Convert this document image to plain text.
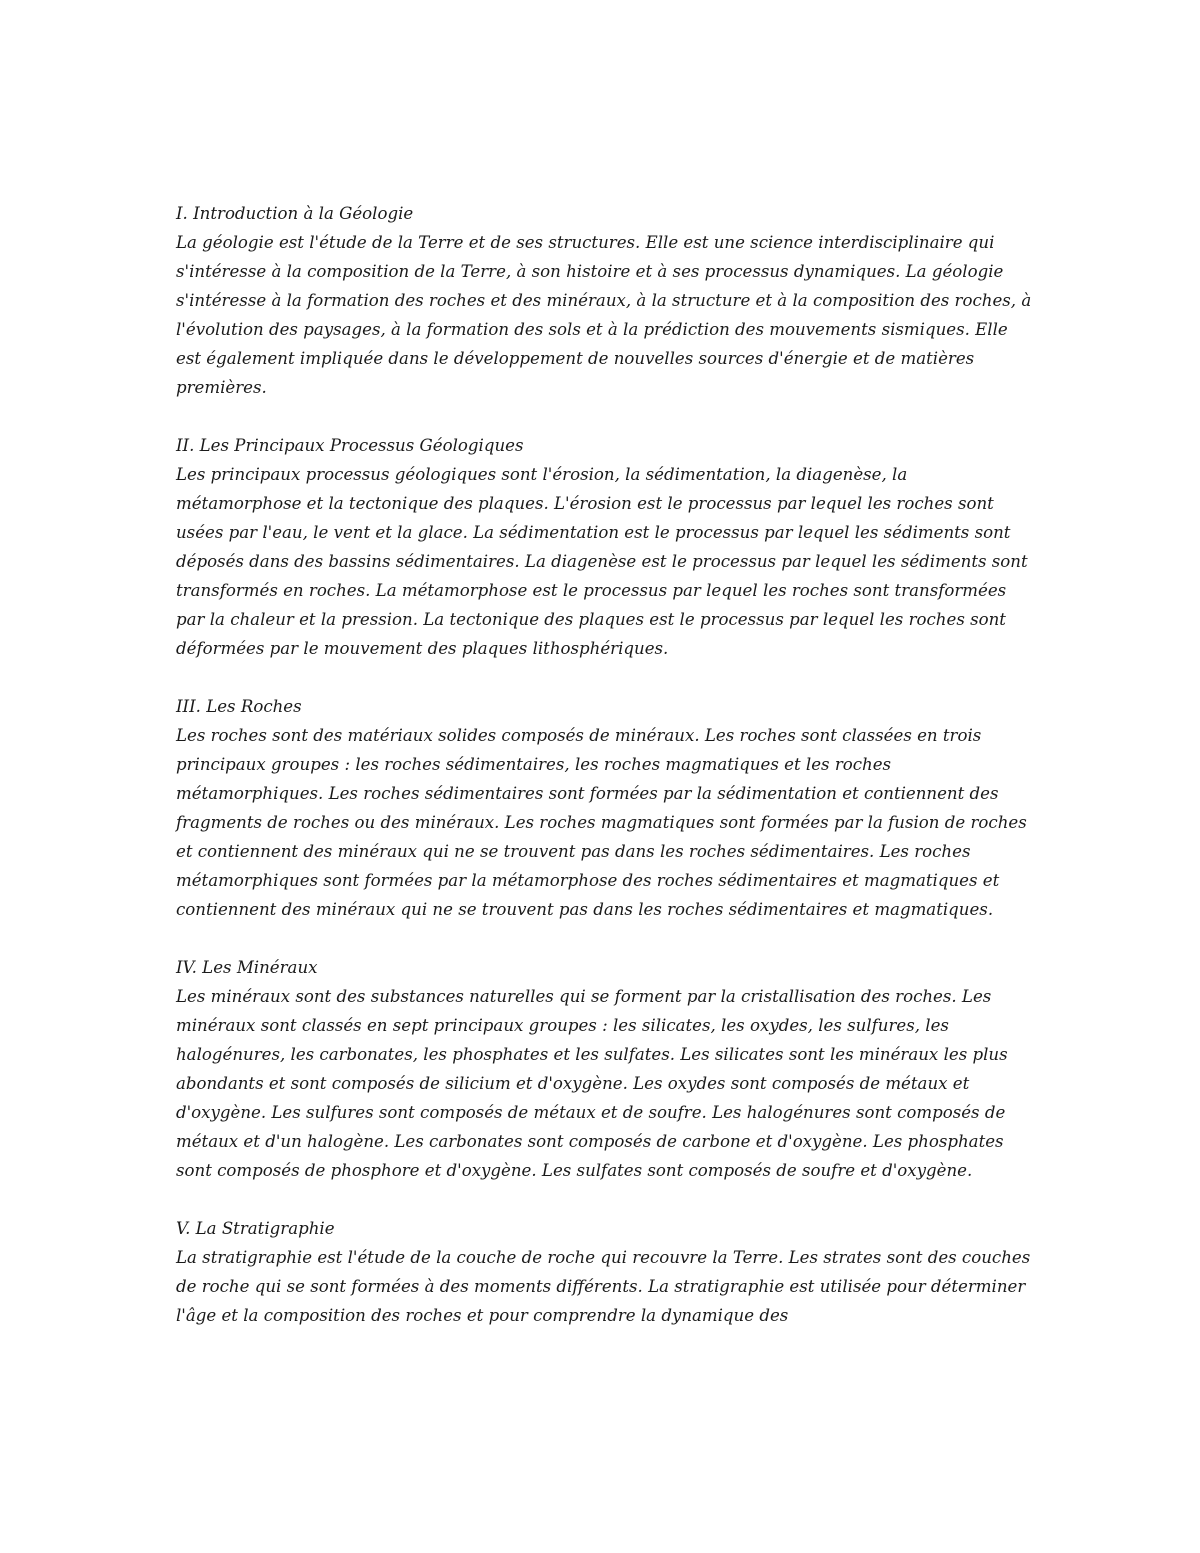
I. Introduction à la Géologie

La géologie est l'étude de la Terre et de ses structures. Elle est une science interdisciplinaire qui s'intéresse à la composition de la Terre, à son histoire et à ses processus dynamiques. La géologie s'intéresse à la formation des roches et des minéraux, à la structure et à la composition des roches, à l'évolution des paysages, à la formation des sols et à la prédiction des mouvements sismiques. Elle est également impliquée dans le développement de nouvelles sources d'énergie et de matières premières.

II. Les Principaux Processus Géologiques

Les principaux processus géologiques sont l'érosion, la sédimentation, la diagenèse, la métamorphose et la tectonique des plaques. L'érosion est le processus par lequel les roches sont usées par l'eau, le vent et la glace. La sédimentation est le processus par lequel les sédiments sont déposés dans des bassins sédimentaires. La diagenèse est le processus par lequel les sédiments sont transformés en roches. La métamorphose est le processus par lequel les roches sont transformées par la chaleur et la pression. La tectonique des plaques est le processus par lequel les roches sont déformées par le mouvement des plaques lithosphériques.

III. Les Roches

Les roches sont des matériaux solides composés de minéraux. Les roches sont classées en trois principaux groupes : les roches sédimentaires, les roches magmatiques et les roches métamorphiques. Les roches sédimentaires sont formées par la sédimentation et contiennent des fragments de roches ou des minéraux. Les roches magmatiques sont formées par la fusion de roches et contiennent des minéraux qui ne se trouvent pas dans les roches sédimentaires. Les roches métamorphiques sont formées par la métamorphose des roches sédimentaires et magmatiques et contiennent des minéraux qui ne se trouvent pas dans les roches sédimentaires et magmatiques.

IV. Les Minéraux

Les minéraux sont des substances naturelles qui se forment par la cristallisation des roches. Les minéraux sont classés en sept principaux groupes : les silicates, les oxydes, les sulfures, les halogénures, les carbonates, les phosphates et les sulfates. Les silicates sont les minéraux les plus abondants et sont composés de silicium et d'oxygène. Les oxydes sont composés de métaux et d'oxygène. Les sulfures sont composés de métaux et de soufre. Les halogénures sont composés de métaux et d'un halogène. Les carbonates sont composés de carbone et d'oxygène. Les phosphates sont composés de phosphore et d'oxygène. Les sulfates sont composés de soufre et d'oxygène.

V. La Stratigraphie

La stratigraphie est l'étude de la couche de roche qui recouvre la Terre. Les strates sont des couches de roche qui se sont formées à des moments différents. La stratigraphie est utilisée pour déterminer l'âge et la composition des roches et pour comprendre la dynamique des
